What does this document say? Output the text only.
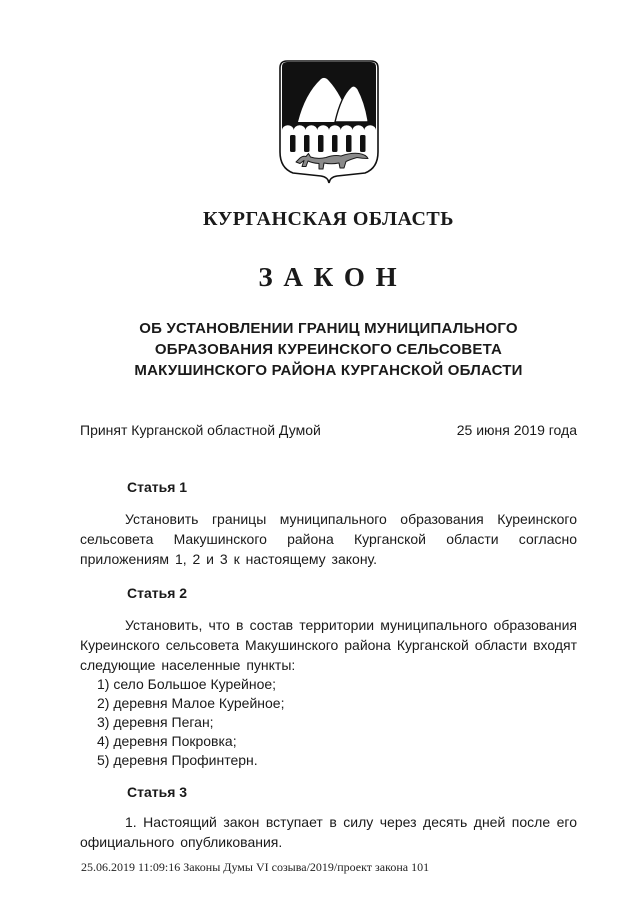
КУРГАНСКАЯ ОБЛАСТЬ
З А К О Н
ОБ УСТАНОВЛЕНИИ ГРАНИЦ МУНИЦИПАЛЬНОГО
ОБРАЗОВАНИЯ КУРЕИНСКОГО СЕЛЬСОВЕТА
МАКУШИНСКОГО РАЙОНА КУРГАНСКОЙ ОБЛАСТИ
Принят Курганской областной Думой	25 июня 2019 года
Статья 1

Установить границы муниципального образования Куреинского сельсовета Макушинского района Курганской области согласно приложениям 1, 2 и 3 к настоящему закону.

Статья 2

Установить, что в состав территории муниципального образования Куреинского сельсовета Макушинского района Курганской области входят следующие населенные пункты:

1) село Большое Курейное;
2) деревня Малое Курейное;
3) деревня Пеган;
4) деревня Покровка;
5) деревня Профинтерн.
Статья 3

1. Настоящий закон вступает в силу через десять дней после его официального опубликования.

25.06.2019 11:09:16 Законы Думы VI созыва/2019/проект закона 101
